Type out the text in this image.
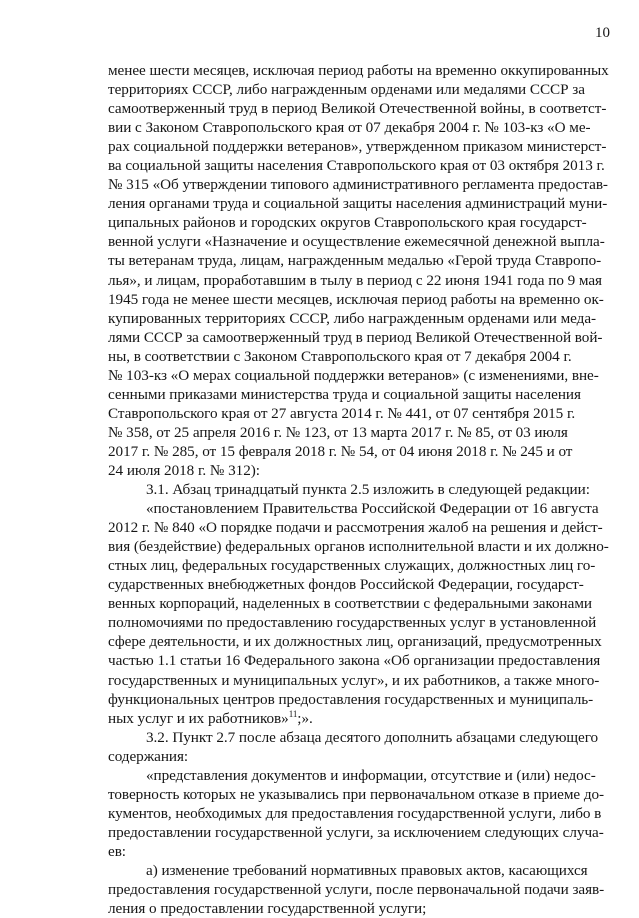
10
менее шести месяцев, исключая период работы на временно оккупированных
территориях СССР, либо награжденным орденами или медалями СССР за
самоотверженный труд в период Великой Отечественной войны, в соответст-
вии с Законом Ставропольского края от 07 декабря 2004 г. № 103-кз «О ме-
рах социальной поддержки ветеранов», утвержденном приказом министерст-
ва социальной защиты населения Ставропольского края от 03 октября 2013 г.
№ 315 «Об утверждении типового административного регламента предостав-
ления органами труда и социальной защиты населения администраций муни-
ципальных районов и городских округов Ставропольского края государст-
венной услуги «Назначение и осуществление ежемесячной денежной выпла-
ты ветеранам труда, лицам, награжденным медалью «Герой труда Ставропо-
лья», и лицам, проработавшим в тылу в период с 22 июня 1941 года по 9 мая
1945 года не менее шести месяцев, исключая период работы на временно ок-
купированных территориях СССР, либо награжденным орденами или меда-
лями СССР за самоотверженный труд в период Великой Отечественной вой-
ны, в соответствии с Законом Ставропольского края от 7 декабря 2004 г.
№ 103-кз «О мерах социальной поддержки ветеранов» (с изменениями, вне-
сенными приказами министерства труда и социальной защиты населения
Ставропольского края от 27 августа 2014 г. № 441, от 07 сентября 2015 г.
№ 358, от 25 апреля 2016 г. № 123, от 13 марта 2017 г. № 85, от 03 июля
2017 г. № 285, от 15 февраля 2018 г. № 54, от 04 июня 2018 г. № 245 и от
24 июля 2018 г. № 312):
3.1. Абзац тринадцатый пункта 2.5 изложить в следующей редакции:
«постановлением Правительства Российской Федерации от 16 августа
2012 г. № 840 «О порядке подачи и рассмотрения жалоб на решения и дейст-
вия (бездействие) федеральных органов исполнительной власти и их должно-
стных лиц, федеральных государственных служащих, должностных лиц го-
сударственных внебюджетных фондов Российской Федерации, государст-
венных корпораций, наделенных в соответствии с федеральными законами
полномочиями по предоставлению государственных услуг в установленной
сфере деятельности, и их должностных лиц, организаций, предусмотренных
частью 1.1 статьи 16 Федерального закона «Об организации предоставления
государственных и муниципальных услуг», и их работников, а также много-
функциональных центров предоставления государственных и муниципаль-
ных услуг и их работников»$^{11}$;».
3.2. Пункт 2.7 после абзаца десятого дополнить абзацами следующего
содержания:
«представления документов и информации, отсутствие и (или) недос-
товерность которых не указывались при первоначальном отказе в приеме до-
кументов, необходимых для предоставления государственной услуги, либо в
предоставлении государственной услуги, за исключением следующих случа-
ев:
а) изменение требований нормативных правовых актов, касающихся
предоставления государственной услуги, после первоначальной подачи заяв-
ления о предоставлении государственной услуги;
